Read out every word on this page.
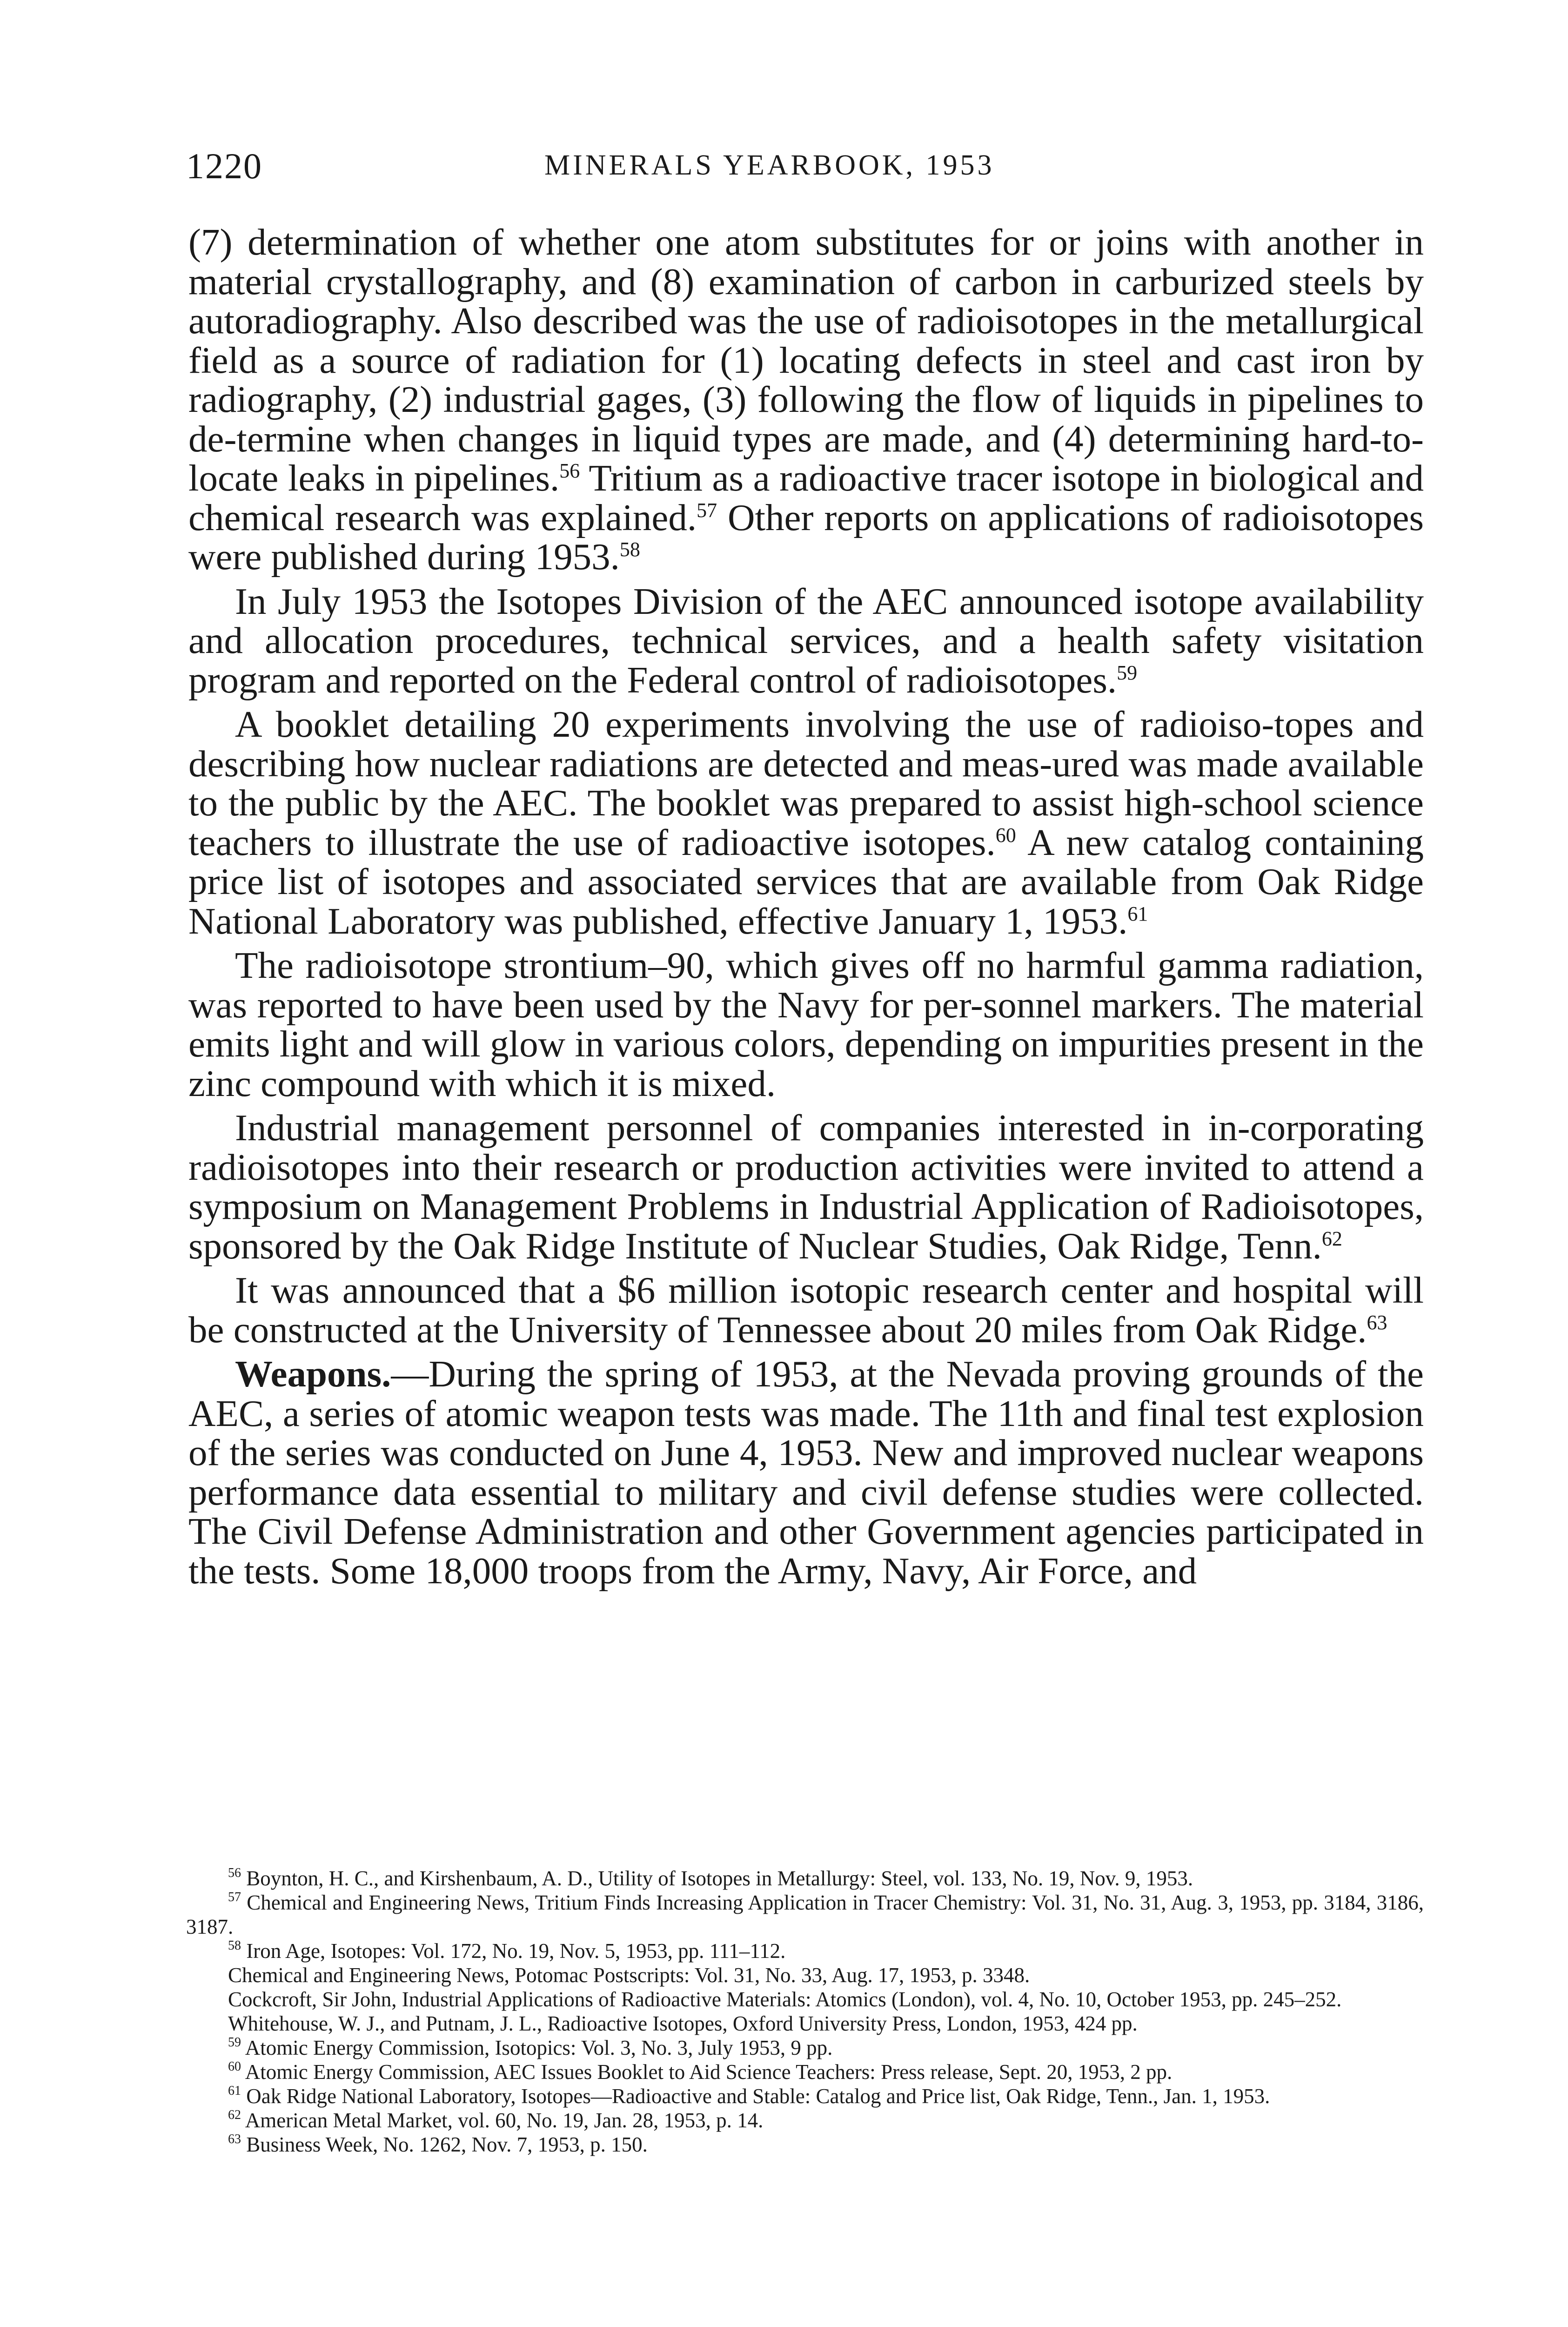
1220	MINERALS YEARBOOK, 1953

(7) determination of whether one atom substitutes for or joins with another in material crystallography, and (8) examination of carbon in carburized steels by autoradiography. Also described was the use of radioisotopes in the metallurgical field as a source of radiation for (1) locating defects in steel and cast iron by radiography, (2) industrial gages, (3) following the flow of liquids in pipelines to de-termine when changes in liquid types are made, and (4) determining hard-to-locate leaks in pipelines.$^{56}$ Tritium as a radioactive tracer isotope in biological and chemical research was explained.$^{57}$ Other reports on applications of radioisotopes were published during 1953.58

In July 1953 the Isotopes Division of the AEC announced isotope availability and allocation procedures, technical services, and a health safety visitation program and reported on the Federal control of radioisotopes.$^{59}$

A booklet detailing 20 experiments involving the use of radioiso-topes and describing how nuclear radiations are detected and meas-ured was made available to the public by the AEC. The booklet was prepared to assist high-school science teachers to illustrate the use of radioactive isotopes.$^{60}$ A new catalog containing price list of isotopes and associated services that are available from Oak Ridge National Laboratory was published, effective January 1, 1953.61

The radioisotope strontium–90, which gives off no harmful gamma radiation, was reported to have been used by the Navy for per-sonnel markers. The material emits light and will glow in various colors, depending on impurities present in the zinc compound with which it is mixed.

Industrial management personnel of companies interested in in-corporating radioisotopes into their research or production activities were invited to attend a symposium on Management Problems in Industrial Application of Radioisotopes, sponsored by the Oak Ridge Institute of Nuclear Studies, Oak Ridge, Tenn.$^{62}$

It was announced that a $6 million isotopic research center and hospital will be constructed at the University of Tennessee about 20 miles from Oak Ridge.$^{63}$

Weapons.—During the spring of 1953, at the Nevada proving grounds of the AEC, a series of atomic weapon tests was made. The 11th and final test explosion of the series was conducted on June 4, 1953. New and improved nuclear weapons performance data essential to military and civil defense studies were collected. The Civil Defense Administration and other Government agencies participated in the tests. Some 18,000 troops from the Army, Navy, Air Force, and

$^{56}$ Boynton, H. C., and Kirshenbaum, A. D., Utility of Isotopes in Metallurgy: Steel, vol. 133, No. 19, Nov. 9, 1953.

$^{57}$ Chemical and Engineering News, Tritium Finds Increasing Application in Tracer Chemistry: Vol. 31, No. 31, Aug. 3, 1953, pp. 3184, 3186, 3187.

$^{58}$ Iron Age, Isotopes: Vol. 172, No. 19, Nov. 5, 1953, pp. 111–112.

Chemical and Engineering News, Potomac Postscripts: Vol. 31, No. 33, Aug. 17, 1953, p. 3348.

Cockcroft, Sir John, Industrial Applications of Radioactive Materials: Atomics (London), vol. 4, No. 10, October 1953, pp. 245–252.

Whitehouse, W. J., and Putnam, J. L., Radioactive Isotopes, Oxford University Press, London, 1953, 424 pp.

$^{59}$ Atomic Energy Commission, Isotopics: Vol. 3, No. 3, July 1953, 9 pp.

$^{60}$ Atomic Energy Commission, AEC Issues Booklet to Aid Science Teachers: Press release, Sept. 20, 1953, 2 pp.

$^{61}$ Oak Ridge National Laboratory, Isotopes—Radioactive and Stable: Catalog and Price list, Oak Ridge, Tenn., Jan. 1, 1953.

$^{62}$ American Metal Market, vol. 60, No. 19, Jan. 28, 1953, p. 14.

$^{63}$ Business Week, No. 1262, Nov. 7, 1953, p. 150.
